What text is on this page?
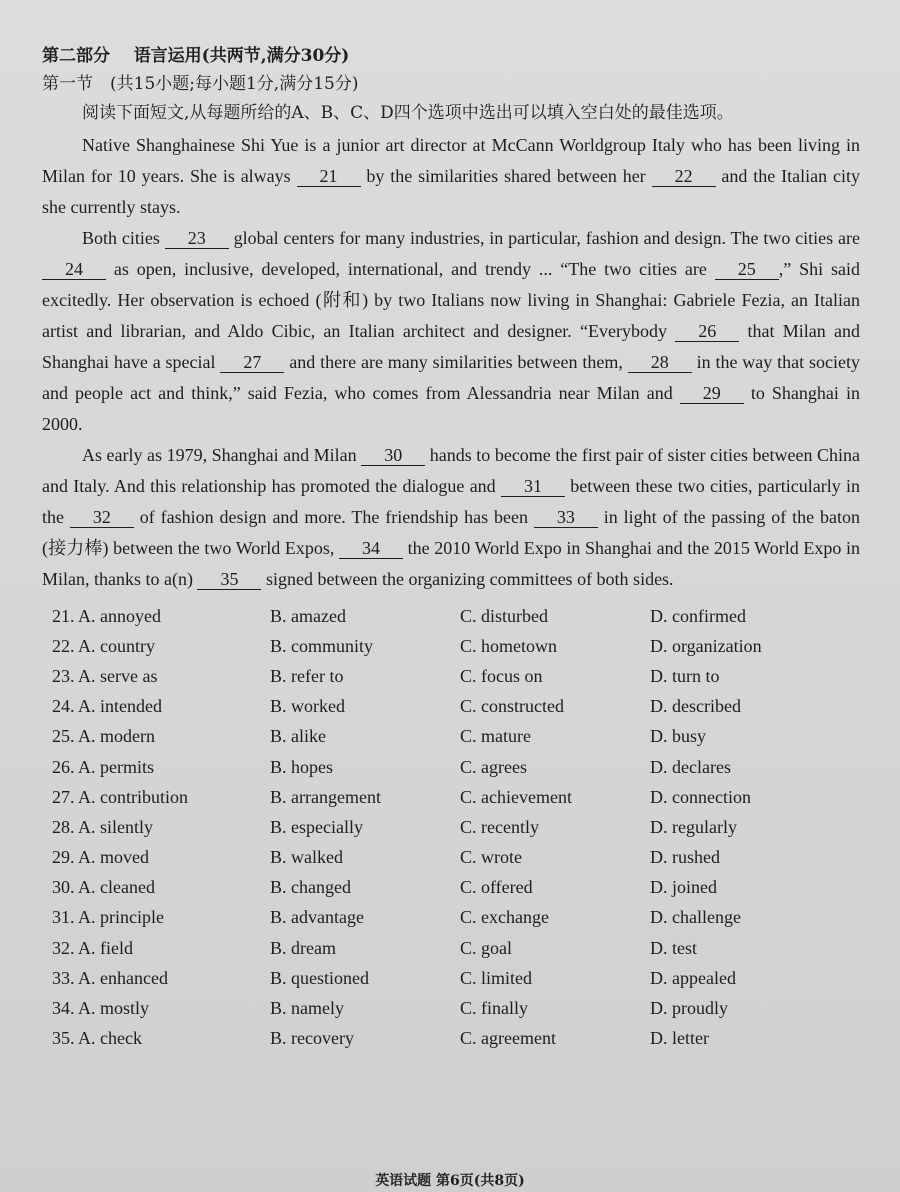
第二部分 语言运用(共两节,满分30分)
第一节　(共15小题;每小题1分,满分15分)

阅读下面短文,从每题所给的A、B、C、D四个选项中选出可以填入空白处的最佳选项。

Native Shanghainese Shi Yue is a junior art director at McCann Worldgroup Italy who has been living in Milan for 10 years. She is always 21 by the similarities shared between her 22 and the Italian city she currently stays.

Both cities 23 global centers for many industries, in particular, fashion and design. The two cities are 24 as open, inclusive, developed, international, and trendy ... “The two cities are 25 ,” Shi said excitedly. Her observation is echoed (附和) by two Italians now living in Shanghai: Gabriele Fezia, an Italian artist and librarian, and Aldo Cibic, an Italian architect and designer. “Everybody 26 that Milan and Shanghai have a special 27 and there are many similarities between them, 28 in the way that society and people act and think,” said Fezia, who comes from Alessandria near Milan and 29 to Shanghai in 2000.

As early as 1979, Shanghai and Milan 30 hands to become the first pair of sister cities between China and Italy. And this relationship has promoted the dialogue and 31 between these two cities, particularly in the 32 of fashion design and more. The friendship has been 33 in light of the passing of the baton (接力棒) between the two World Expos, 34 the 2010 World Expo in Shanghai and the 2015 World Expo in Milan, thanks to a(n) 35 signed between the organizing committees of both sides.

21. A. annoyed	B. amazed	C. disturbed	D. confirmed
22. A. country	B. community	C. hometown	D. organization
23. A. serve as	B. refer to	C. focus on	D. turn to
24. A. intended	B. worked	C. constructed	D. described
25. A. modern	B. alike	C. mature	D. busy
26. A. permits	B. hopes	C. agrees	D. declares
27. A. contribution	B. arrangement	C. achievement	D. connection
28. A. silently	B. especially	C. recently	D. regularly
29. A. moved	B. walked	C. wrote	D. rushed
30. A. cleaned	B. changed	C. offered	D. joined
31. A. principle	B. advantage	C. exchange	D. challenge
32. A. field	B. dream	C. goal	D. test
33. A. enhanced	B. questioned	C. limited	D. appealed
34. A. mostly	B. namely	C. finally	D. proudly
35. A. check	B. recovery	C. agreement	D. letter
英语试题 第6页(共8页)
